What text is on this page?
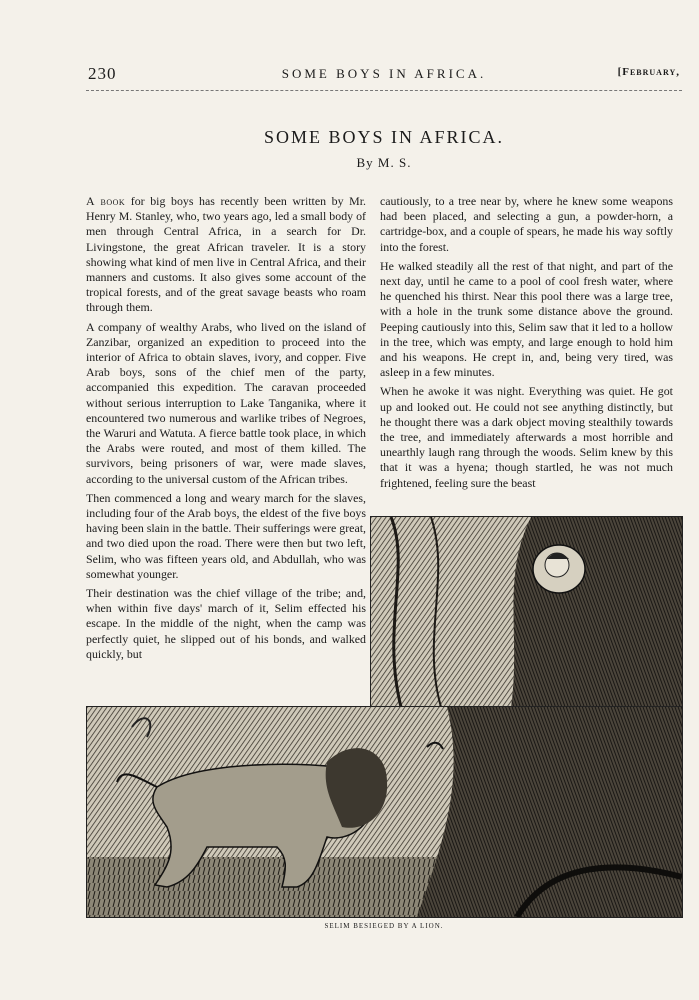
230	SOME BOYS IN AFRICA.	[February,
SOME BOYS IN AFRICA.
By M. S.

A book for big boys has recently been written by Mr. Henry M. Stanley, who, two years ago, led a small body of men through Central Africa, in a search for Dr. Livingstone, the great African traveler. It is a story showing what kind of men live in Central Africa, and their manners and customs. It also gives some account of the tropical forests, and of the great savage beasts who roam through them.

A company of wealthy Arabs, who lived on the island of Zanzibar, organized an expedition to proceed into the interior of Africa to obtain slaves, ivory, and copper. Five Arab boys, sons of the chief men of the party, accompanied this expedition. The caravan proceeded without serious interruption to Lake Tanganika, where it encountered two numerous and warlike tribes of Negroes, the Waruri and Watuta. A fierce battle took place, in which the Arabs were routed, and most of them killed. The survivors, being prisoners of war, were made slaves, according to the universal custom of the African tribes.

Then commenced a long and weary march for the slaves, including four of the Arab boys, the eldest of the five boys having been slain in the battle. Their sufferings were great, and two died upon the road. There were then but two left, Selim, who was fifteen years old, and Abdullah, who was somewhat younger.

Their destination was the chief village of the tribe; and, when within five days' march of it, Selim effected his escape. In the middle of the night, when the camp was perfectly quiet, he slipped out of his bonds, and walked quickly, but

cautiously, to a tree near by, where he knew some weapons had been placed, and selecting a gun, a powder-horn, a cartridge-box, and a couple of spears, he made his way softly into the forest.

He walked steadily all the rest of that night, and part of the next day, until he came to a pool of cool fresh water, where he quenched his thirst. Near this pool there was a large tree, with a hole in the trunk some distance above the ground. Peeping cautiously into this, Selim saw that it led to a hollow in the tree, which was empty, and large enough to hold him and his weapons. He crept in, and, being very tired, was asleep in a few minutes.

When he awoke it was night. Everything was quiet. He got up and looked out. He could not see anything distinctly, but he thought there was a dark object moving stealthily towards the tree, and immediately afterwards a most horrible and unearthly laugh rang through the woods. Selim knew by this that it was a hyena; though startled, he was not much frightened, feeling sure the beast

SELIM BESIEGED BY A LION.
